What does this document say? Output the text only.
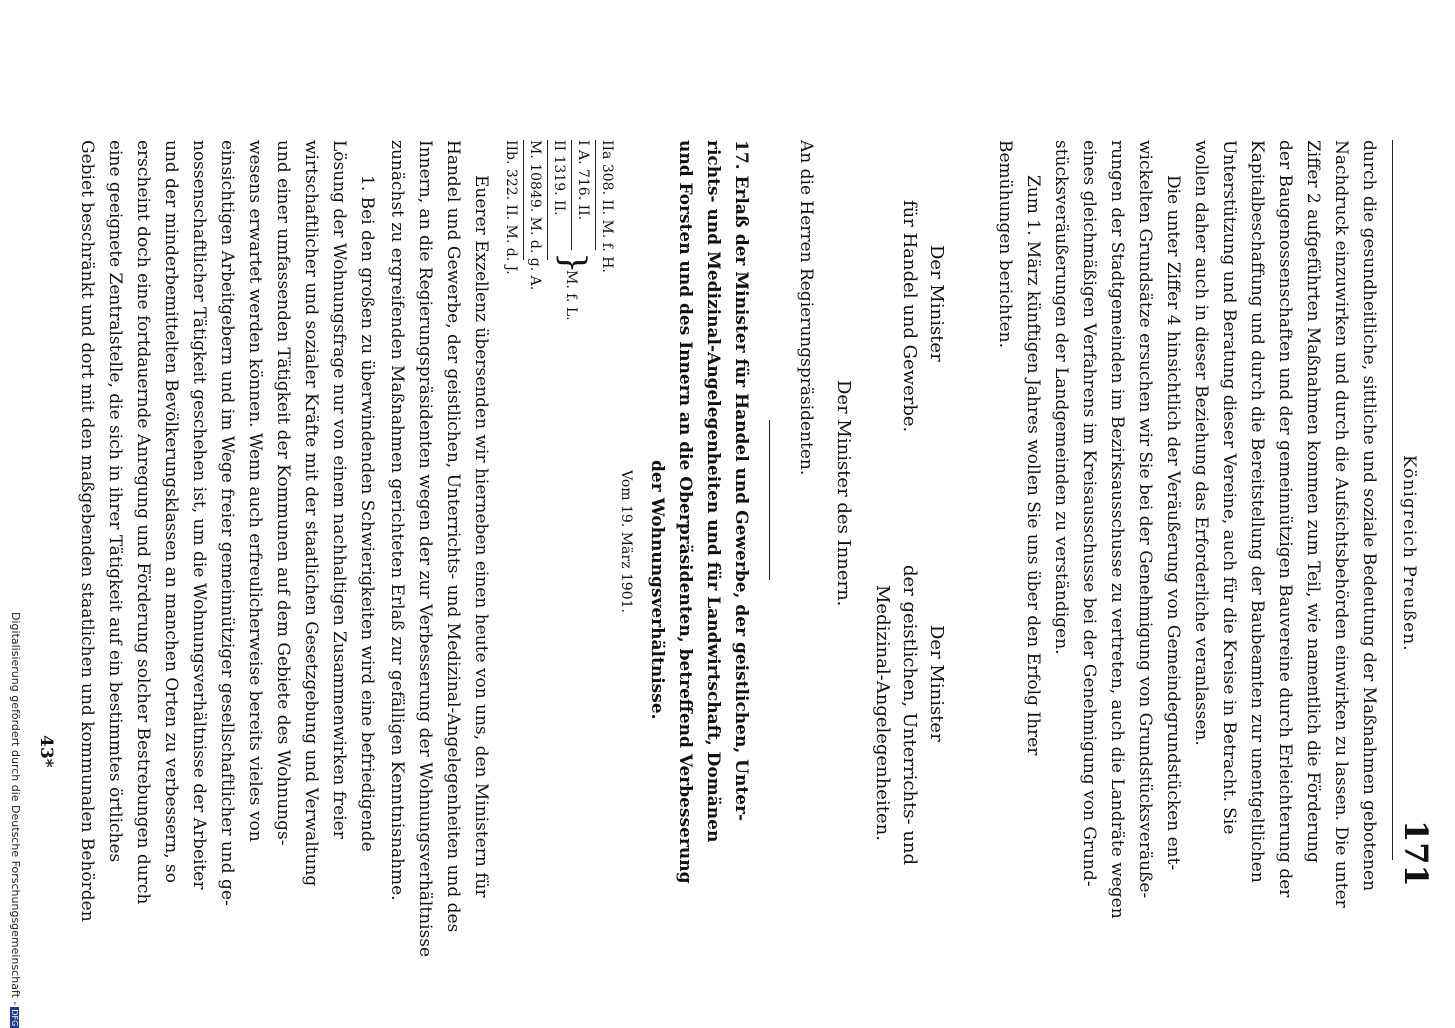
Königreich Preußen.
171
durch die gesundheitliche, sittliche und soziale Bedeutung der Maßnahmen gebotenen
Nachdruck einzuwirken und durch die Aufsichtsbehörden einwirken zu lassen. Die unter
Ziffer 2 aufgeführten Maßnahmen kommen zum Teil, wie namentlich die Förderung
der Baugenossenschaften und der gemeinnützigen Bauvereine durch Erleichterung der
Kapitalbeschaffung und durch die Bereitstellung der Baubeamten zur unentgeltlichen
Unterstützung und Beratung dieser Vereine, auch für die Kreise in Betracht. Sie
wollen daher auch in dieser Beziehung das Erforderliche veranlassen.
Die unter Ziffer 4 hinsichtlich der Veräußerung von Gemeindegrundstücken ent-
wickelten Grundsätze ersuchen wir Sie bei der Genehmigung von Grundstücksveräuße-
rungen der Stadtgemeinden im Bezirksausschusse zu vertreten, auch die Landräte wegen
eines gleichmäßigen Verfahrens im Kreisausschusse bei der Genehmigung von Grund-
stücksveräußerungen der Landgemeinden zu verständigen.
Zum 1. März künftigen Jahres wollen Sie uns über den Erfolg Ihrer
Bemühungen berichten.
Der Minister
für Handel und Gewerbe.
Der Minister
der geistlichen, Unterrichts- und
Medizinal-Angelegenheiten.
Der Minister des Innern.
An die Herren Regierungspräsidenten.
17. Erlaß der Minister für Handel und Gewerbe, der geistlichen, Unter-
richts- und Medizinal-Angelegenheiten und für Landwirtschaft, Domänen
und Forsten und des Innern an die Oberpräsidenten, betreffend Verbesserung
der Wohnungsverhältnisse.
Vom 19. März 1901.
IIa 308. II. M. f. H.
I A. 716. II.
II 1319. II.
}
M. f. L.
M. 10849. M. d. g. A.
IIb. 322. II. M. d. J.
Euerer Exzellenz übersenden wir hierneben einen heute von uns, den Ministern für
Handel und Gewerbe, der geistlichen, Unterrichts- und Medizinal-Angelegenheiten und des
Innern, an die Regierungspräsidenten wegen der zur Verbesserung der Wohnungsverhältnisse
zunächst zu ergreifenden Maßnahmen gerichteten Erlaß zur gefälligen Kenntnisnahme.
1. Bei den großen zu überwindenden Schwierigkeiten wird eine befriedigende
Lösung der Wohnungsfrage nur von einem nachhaltigen Zusammenwirken freier
wirtschaftlicher und sozialer Kräfte mit der staatlichen Gesetzgebung und Verwaltung
und einer umfassenden Tätigkeit der Kommunen auf dem Gebiete des Wohnungs-
wesens erwartet werden können. Wenn auch erfreulicherweise bereits vieles von
einsichtigen Arbeitgebern und im Wege freier gemeinnütziger gesellschaftlicher und ge-
nossenschaftlicher Tätigkeit geschehen ist, um die Wohnungsverhältnisse der Arbeiter
und der minderbemittelten Bevölkerungsklassen an manchen Orten zu verbessern, so
erscheint doch eine fortdauernde Anregung und Förderung solcher Bestrebungen durch
eine geeignete Zentralstelle, die sich in ihrer Tätigkeit auf ein bestimmtes örtliches
Gebiet beschränkt und dort mit den maßgebenden staatlichen und kommunalen Behörden
43*
Digitalisierung gefördert durch die Deutsche Forschungsgemeinschaft -DFG
